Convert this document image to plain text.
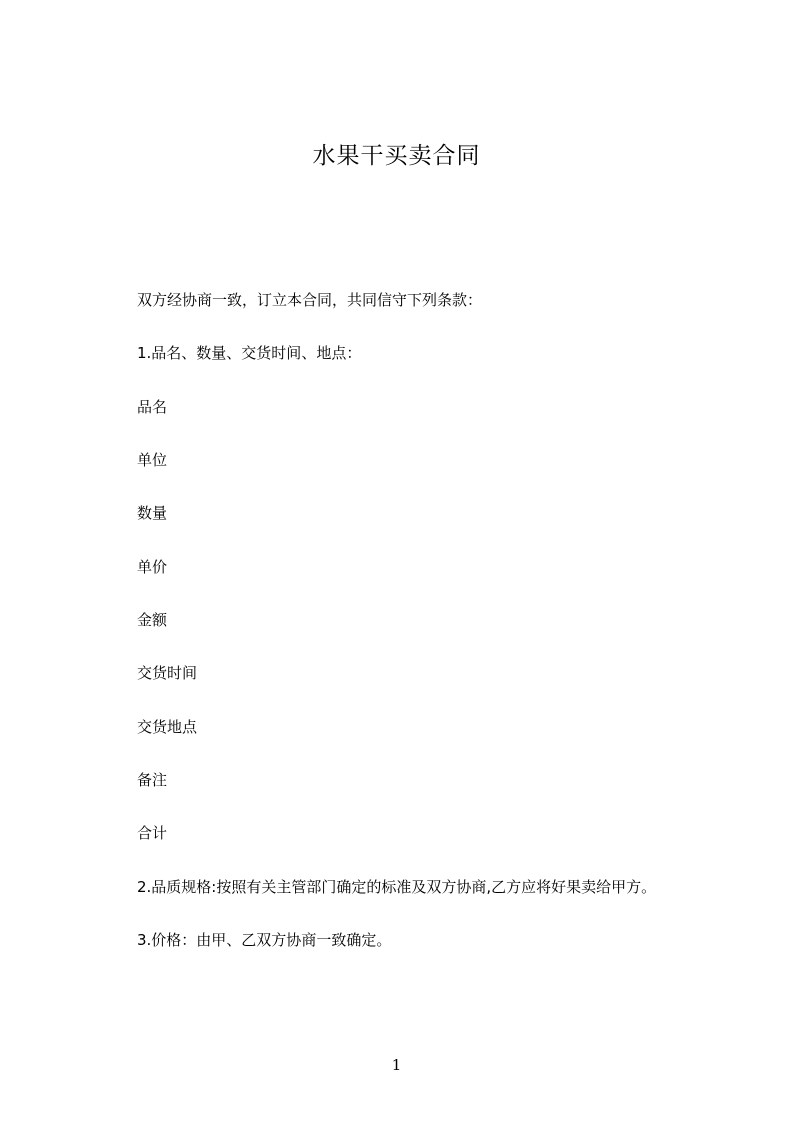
水果干买卖合同

双方经协商一致，订立本合同，共同信守下列条款：

1.品名、数量、交货时间、地点：

品名

单位

数量

单价

金额

交货时间

交货地点

备注

合计

2.品质规格:按照有关主管部门确定的标准及双方协商,乙方应将好果卖给甲方。

3.价格：由甲、乙双方协商一致确定。

1
